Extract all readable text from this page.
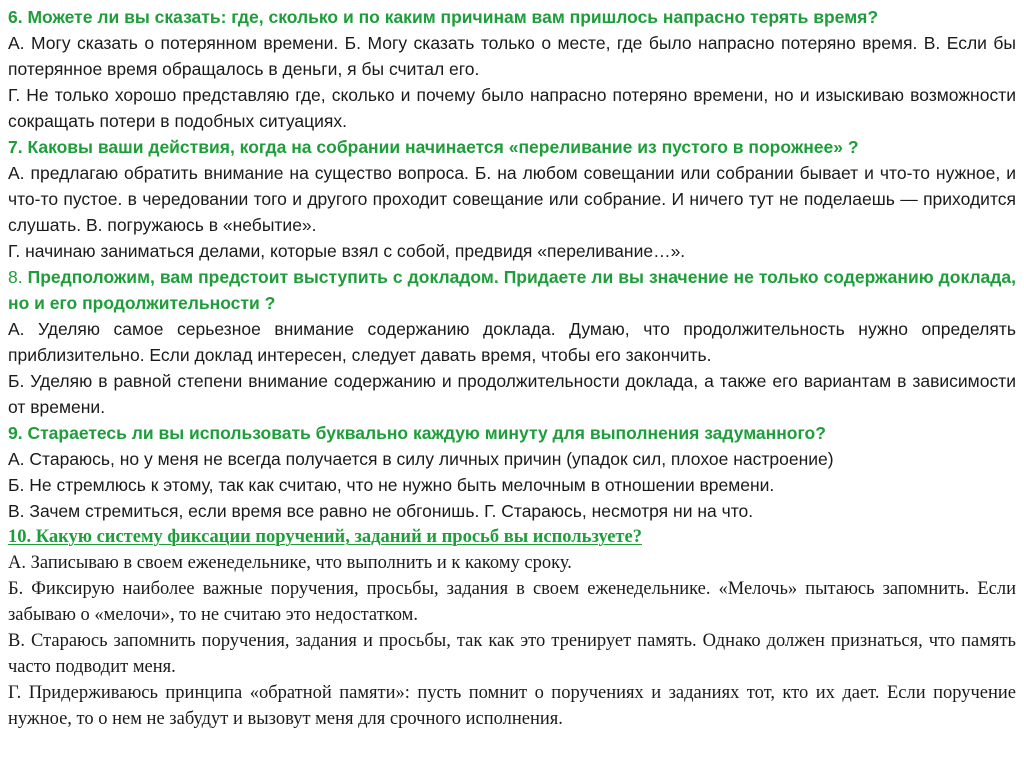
6. Можете ли вы сказать: где, сколько и по каким причинам вам пришлось напрасно терять время?

А. Могу сказать о потерянном времени. Б. Могу сказать только о месте, где было напрасно потеряно время. В. Если бы потерянное время обращалось в деньги, я бы считал его.

Г. Не только хорошо представляю где, сколько и почему было напрасно потеряно времени, но и изыскиваю возможности сокращать потери в подобных ситуациях.

7. Каковы ваши действия, когда на собрании начинается «переливание из пустого в порожнее» ?

А. предлагаю обратить внимание на существо вопроса. Б. на любом совещании или собрании бывает и что-то нужное, и что-то пустое. в чередовании того и другого проходит совещание или собрание. И ничего тут не поделаешь — приходится слушать. В. погружаюсь в «небытие».

Г. начинаю заниматься делами, которые взял с собой, предвидя «переливание…».

8. Предположим, вам предстоит выступить с докладом. Придаете ли вы значение не только содержанию доклада, но и его продолжительности ?

А. Уделяю самое серьезное внимание содержанию доклада. Думаю, что продолжительность нужно определять приблизительно. Если доклад интересен, следует давать время, чтобы его закончить.

Б. Уделяю в равной степени внимание содержанию и продолжительности доклада, а также его вариантам в зависимости от времени.

9. Стараетесь ли вы использовать буквально каждую минуту для выполнения задуманного?

А. Стараюсь, но у меня не всегда получается в силу личных причин (упадок сил, плохое настроение)

Б. Не стремлюсь к этому, так как считаю, что не нужно быть мелочным в отношении времени.

В. Зачем стремиться, если время все равно не обгонишь. Г. Стараюсь, несмотря ни на что.

10. Какую систему фиксации поручений, заданий и просьб вы используете?

А. Записываю в своем еженедельнике, что выполнить и к какому сроку.

Б. Фиксирую наиболее важные поручения, просьбы, задания в своем еженедельнике. «Мелочь» пытаюсь запомнить. Если забываю о «мелочи», то не считаю это недостатком.

В. Стараюсь запомнить поручения, задания и просьбы, так как это тренирует память. Однако должен признаться, что память часто подводит меня.

Г. Придерживаюсь принципа «обратной памяти»: пусть помнит о поручениях и заданиях тот, кто их дает. Если поручение нужное, то о нем не забудут и вызовут меня для срочного исполнения.
